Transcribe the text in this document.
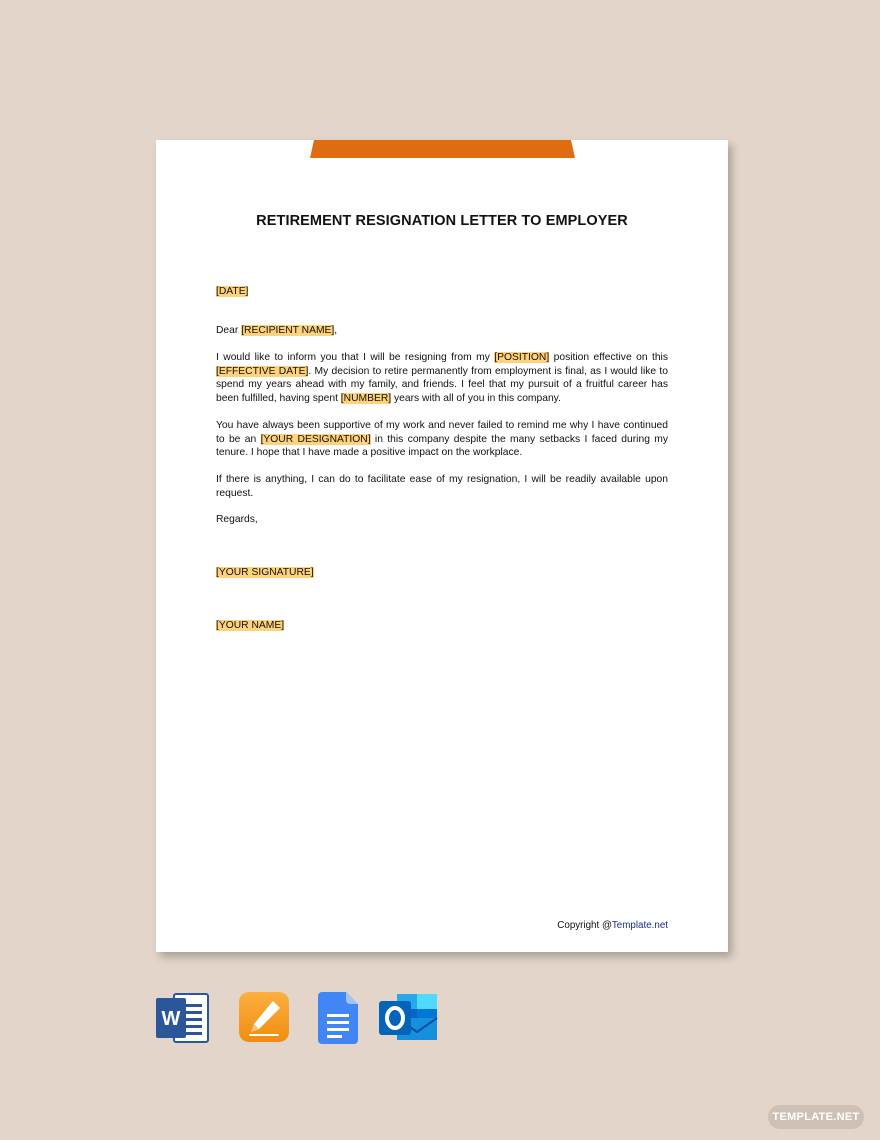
RETIREMENT RESIGNATION LETTER TO EMPLOYER
[DATE]
Dear [RECIPIENT NAME],
I would like to inform you that I will be resigning from my [POSITION] position effective on this [EFFECTIVE DATE]. My decision to retire permanently from employment is final, as I would like to spend my years ahead with my family, and friends. I feel that my pursuit of a fruitful career has been fulfilled, having spent [NUMBER] years with all of you in this company.
You have always been supportive of my work and never failed to remind me why I have continued to be an [YOUR DESIGNATION] in this company despite the many setbacks I faced during my tenure. I hope that I have made a positive impact on the workplace.
If there is anything, I can do to facilitate ease of my resignation, I will be readily available upon request.
Regards,
[YOUR SIGNATURE]
[YOUR NAME]
Copyright @Template.net
W
TEMPLATE.NET
